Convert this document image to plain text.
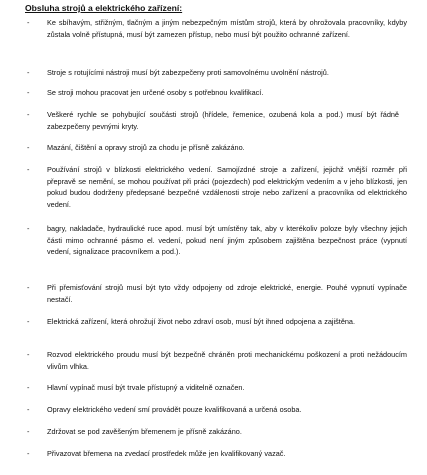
Obsluha strojů a elektrického zařízení:
-	Ke sbíhavým, střižným, tlačným a jiným nebezpečným místům strojů, která by ohrožovala pracovníky, kdyby zůstala volně přístupná, musí být zamezen přístup, nebo musí být použito ochranné zařízení.
-	Stroje s rotujícími nástroji musí být zabezpečeny proti samovolnému uvolnění nástrojů.
-	Se stroji mohou pracovat jen určené osoby s potřebnou kvalifikací.
-	Veškeré rychle se pohybující součásti strojů (hřídele, řemenice, ozubená kola a pod.) musí být řádně zabezpečeny pevnými kryty.
-	Mazání, čištění a opravy strojů za chodu je přísně zakázáno.
-	Používání strojů v blízkosti elektrického vedení. Samojízdné stroje a zařízení, jejichž vnější rozměr při přepravě se nemění, se mohou používat při práci (pojezdech) pod elektrickým vedením a v jeho blízkosti, jen pokud budou dodrženy předepsané bezpečné vzdálenosti stroje nebo zařízení a pracovníka od elektrického vedení.
-	bagry, nakladače, hydraulické ruce apod. musí být umístěny tak, aby v kterékoliv poloze byly všechny jejich části mimo ochranné pásmo el. vedení, pokud není jiným způsobem zajištěna bezpečnost práce (vypnutí vedení, signalizace pracovníkem a pod.).
-	Při přemisťování strojů musí být tyto vždy odpojeny od zdroje elektrické, energie. Pouhé vypnutí vypínače nestačí.
-	Elektrická zařízení, která ohrožují život nebo zdraví osob, musí být ihned odpojena a zajištěna.
-	Rozvod elektrického proudu musí být bezpečně chráněn proti mechanickému poškození a proti nežádoucím vlivům vlhka.
-	Hlavní vypínač musí být trvale přístupný a viditelně označen.
-	Opravy elektrického vedení smí provádět pouze kvalifikovaná a určená osoba.
-	Zdržovat se pod zavěšeným břemenem je přísně zakázáno.
-	Přivazovat břemena na zvedací prostředek může jen kvalifikovaný vazač.
